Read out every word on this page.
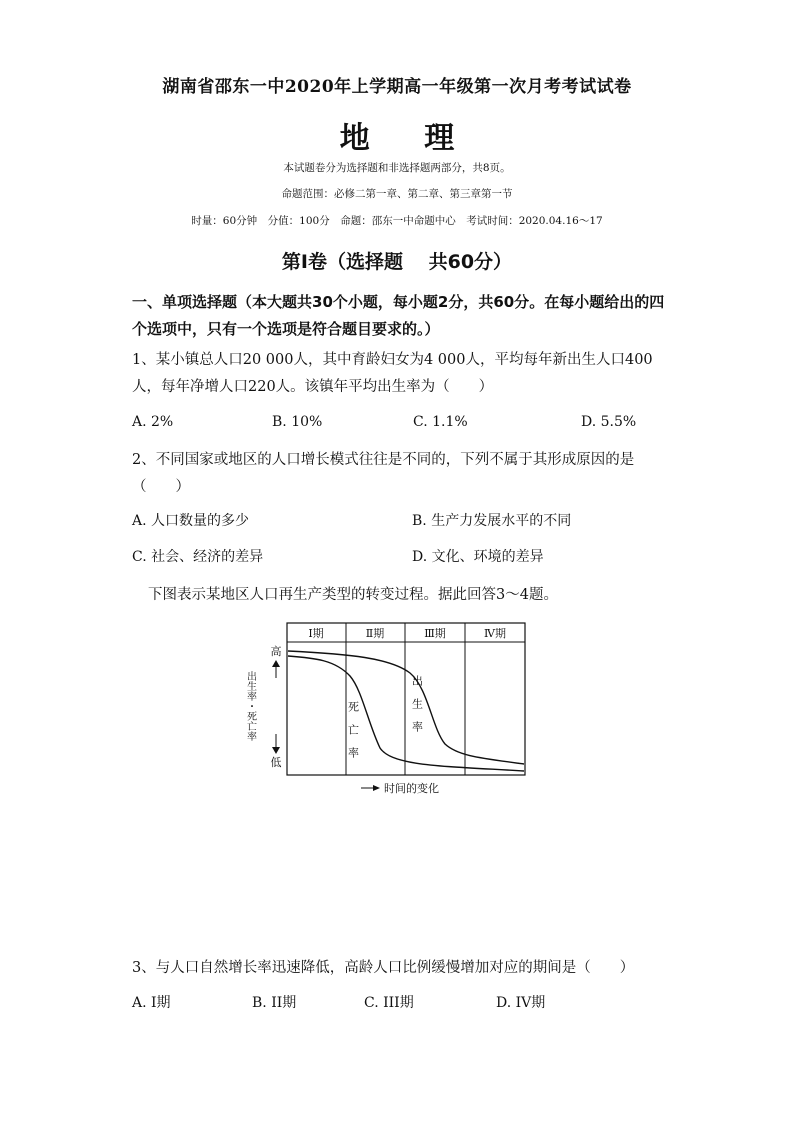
湖南省邵东一中2020年上学期高一年级第一次月考考试试卷
地 理
本试题卷分为选择题和非选择题两部分，共8页。
命题范围：必修二第一章、第二章、第三章第一节
时量：60分钟　分值：100分　命题：邵东一中命题中心　考试时间：2020.04.16～17
第Ⅰ卷（选择题　 共60分）
一、单项选择题（本大题共30个小题，每小题2分，共60分。在每小题给出的四个选项中，只有一个选项是符合题目要求的。）
1、某小镇总人口20 000人，其中育龄妇女为4 000人，平均每年新出生人口400人，每年净增人口220人。该镇年平均出生率为（　　）
A. 2%	B. 10%	C. 1.1%	D. 5.5%
2、不同国家或地区的人口增长模式往往是不同的，下列不属于其形成原因的是（　　）
A. 人口数量的多少	B. 生产力发展水平的不同
C. 社会、经济的差异	D. 文化、环境的差异
下图表示某地区人口再生产类型的转变过程。据此回答3～4题。
Ⅰ期	Ⅱ期	Ⅲ期	Ⅳ期
死亡率	出生率
高
出生率・死亡率
低
时间的变化
3、与人口自然增长率迅速降低，高龄人口比例缓慢增加对应的期间是（　　）
A. I期	B. II期	C. III期	D. IV期
